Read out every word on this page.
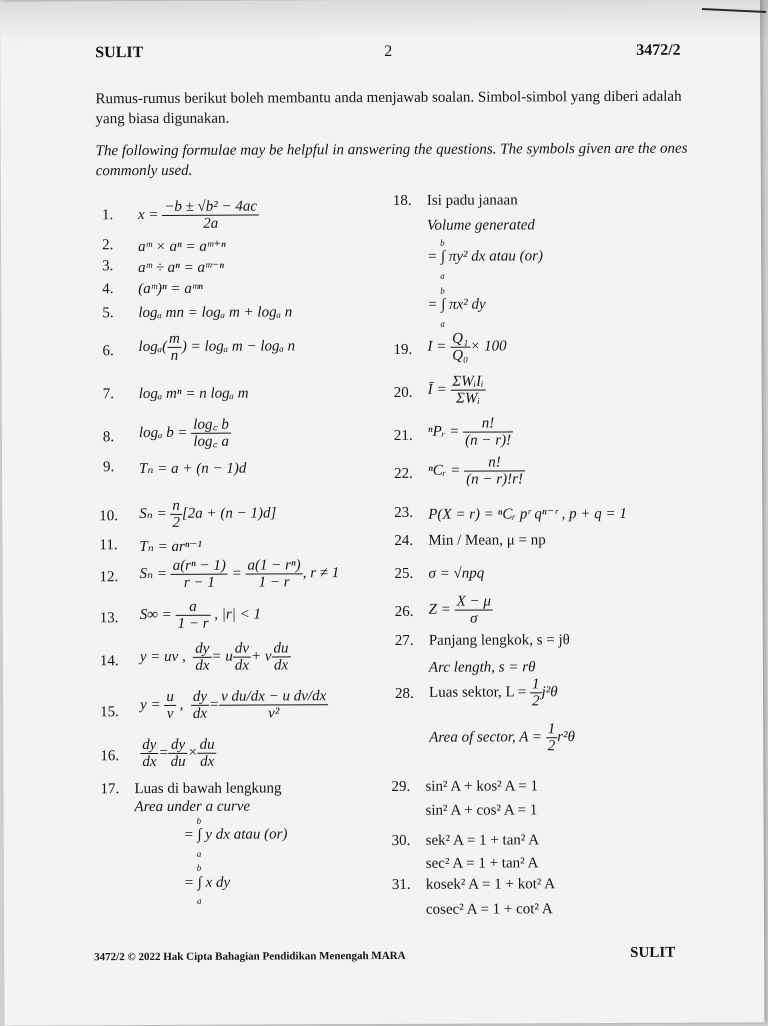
SULIT	2	3472/2
Rumus-rumus berikut boleh membantu anda menjawab soalan. Simbol-simbol yang diberi adalah yang biasa digunakan.
The following formulae may be helpful in answering the questions. The symbols given are the ones commonly used.
1.
2.
3.
4.
5.
6.
7.
8.
9.
10.
11.
12.
13.
14.
15.
16.
17.
$x = \frac{\text{−b ± √b² − 4ac}}{2a}$
aᵐ × aⁿ = aᵐ⁺ⁿ
aᵐ ÷ aⁿ = aᵐ⁻ⁿ
(aᵐ)ⁿ = aᵐⁿ
logₐ mn = logₐ m + logₐ n
$\log_a( \frac{m}{n}$ ) = logₐ m − logₐ n
logₐ mⁿ = n logₐ m
logₐ $b = \frac{\log꜀ b}{\log꜀ a}$
Tₙ = a + (n − 1)d
$S_n = \frac{n}{2} [2a + (n - 1)d]$
Tₙ = arⁿ⁻¹
$S_n = \frac{\text{a(rⁿ − 1)}}{r - 1} = \frac{\text{a(1 − rⁿ)}}{1 - r}$ , r ≠ 1
$S\infty = \frac{a}{1 - r}$ , |r| < 1
y = uv , $\frac{dy}{dx} = u \frac{dv}{dx} + v \frac{du}{dx}$
$y = \frac{u}{v}$ , $\frac{dy}{dx} = \frac{\text{v du/dx − u dv/dx}}{\text{v²}}$
$\frac{dy}{dx} = \frac{dy}{du} \times \frac{du}{dx}$
Luas di bawah lengkung
Area under a curve
b
= ∫ y dx atau (or)
a
b
= ∫ x dy
a
18.
19.
20.
21.
22.
23.
24.
25.
26.
27.
28.
29.
30.
31.
Isi padu janaan
Volume generated
b
= ∫ πy² dx atau (or)
a
b
= ∫ πx² dy
a
$I = \frac{\text{Q₁}}{\text{Q₀}} \times 100$
Ī = $\frac{\text{ΣWᵢIᵢ}}{\text{ΣWᵢ}}$
ⁿPᵣ = $\frac{n!}{(n - r)!}$
ⁿCᵣ = $\frac{n!}{(n - r)!r!}$
P(X = r) = ⁿCᵣ pʳ qⁿ⁻ʳ , p + q = 1
Min / Mean, μ = np
σ = √npq
$Z = \frac{X - \mu}{\sigma}$
Panjang lengkok, s = jθ
Arc length, s = rθ
Luas sektor, $L = \frac{1}{2} j^2\theta$
Area of sector, $A = \frac{1}{2} r^2\theta$
sin² A + kos² A = 1
sin² A + cos² A = 1
sek² A = 1 + tan² A
sec² A = 1 + tan² A
kosek² A = 1 + kot² A
cosec² A = 1 + cot² A
3472/2 © 2022 Hak Cipta Bahagian Pendidikan Menengah MARA	SULIT
